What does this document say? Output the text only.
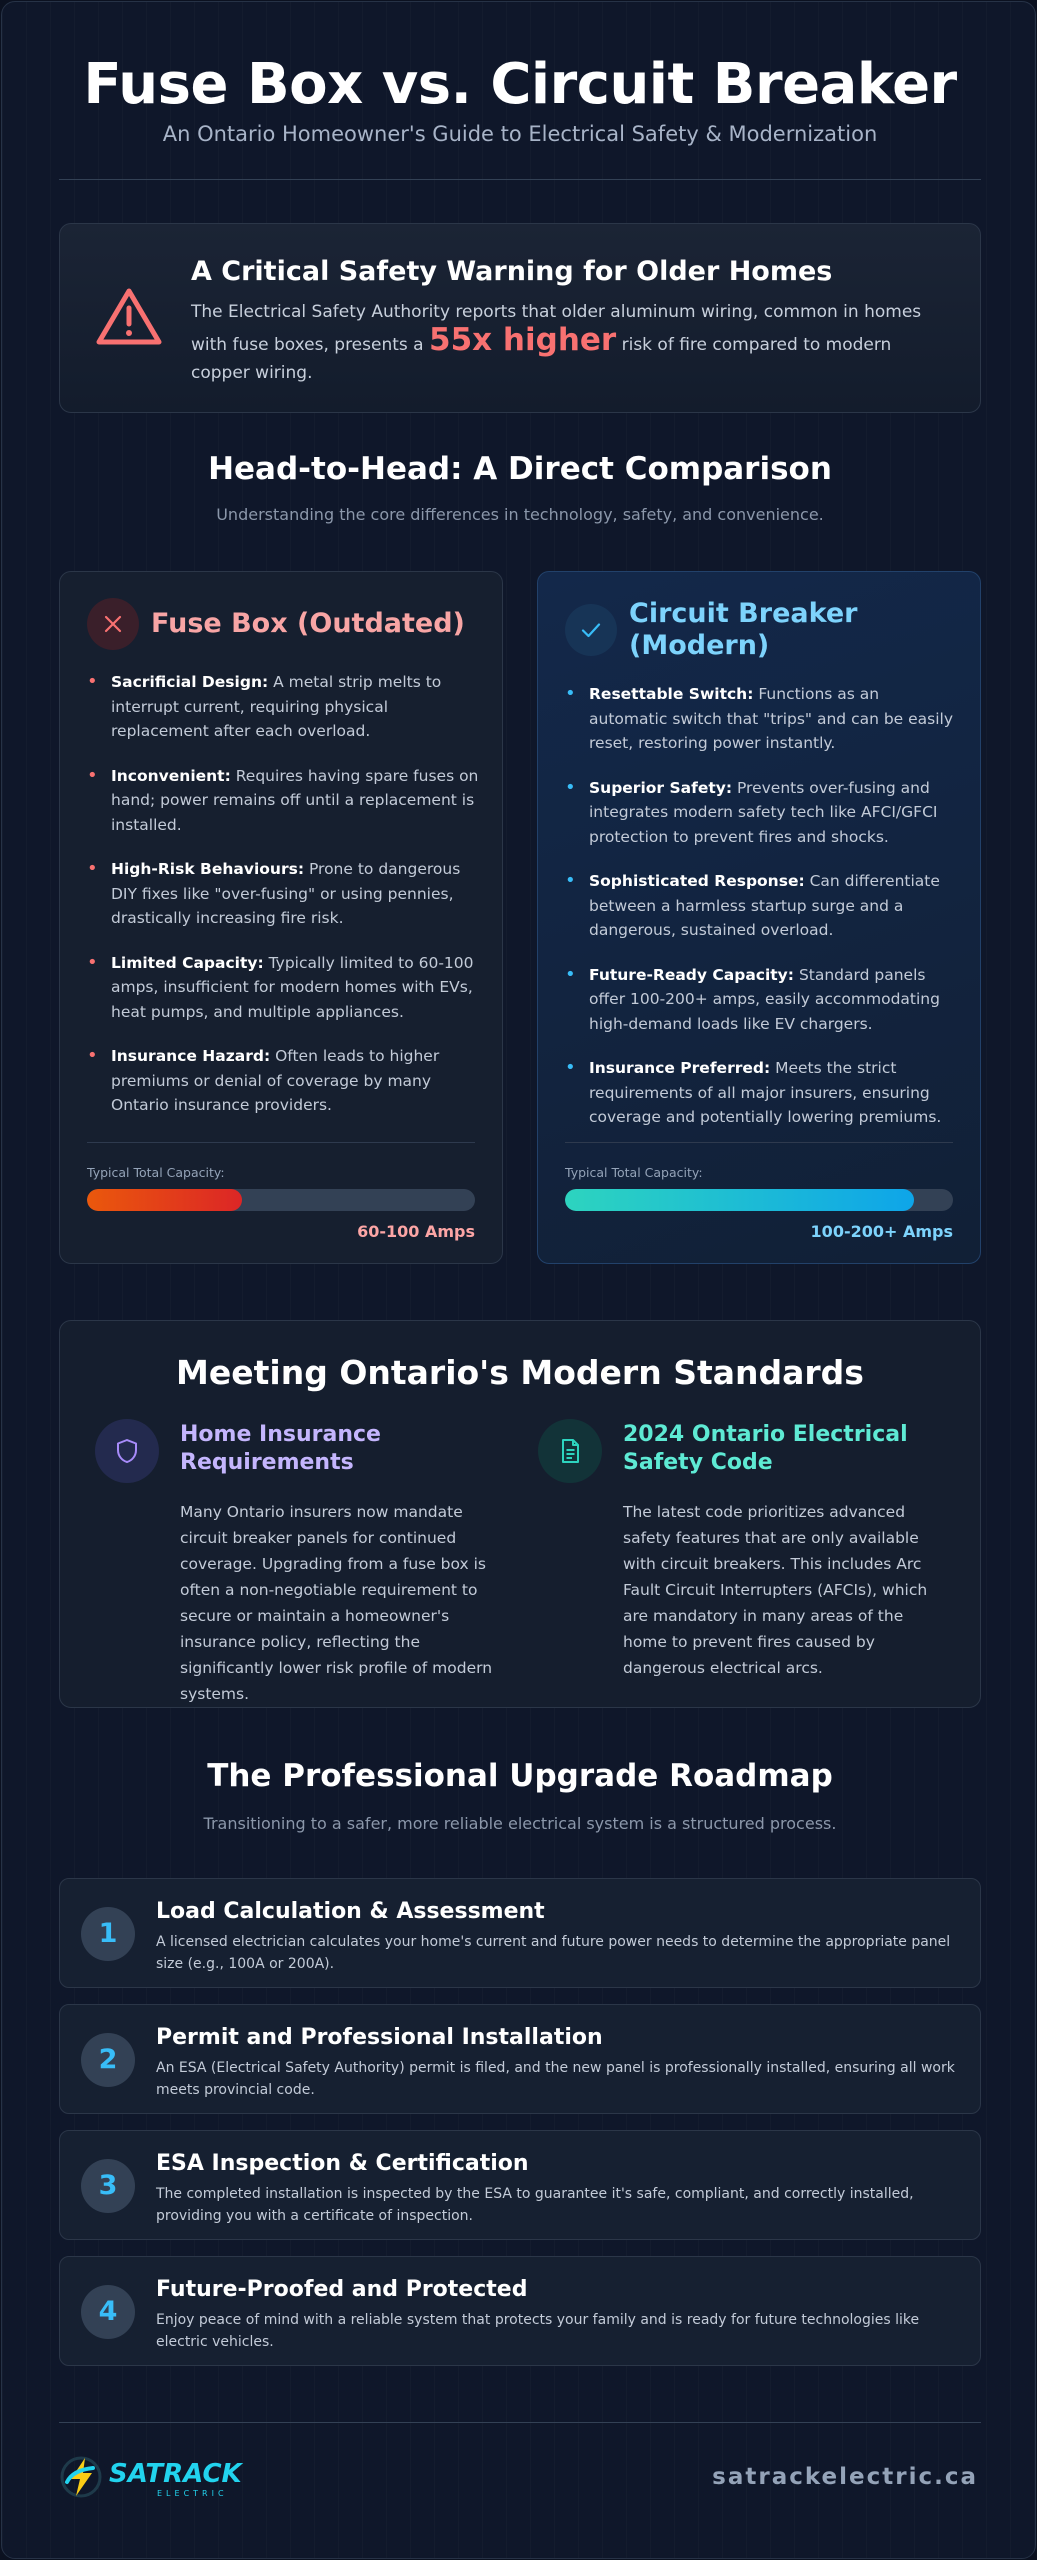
Fuse Box vs. Circuit Breaker
An Ontario Homeowner's Guide to Electrical Safety & Modernization
A Critical Safety Warning for Older Homes
The Electrical Safety Authority reports that older aluminum wiring, common in homes with fuse boxes, presents a 55x higher risk of fire compared to modern copper wiring.
Head-to-Head: A Direct Comparison
Understanding the core differences in technology, safety, and convenience.
Fuse Box (Outdated)
• Sacrificial Design: A metal strip melts to interrupt current, requiring physical replacement after each overload.
• Inconvenient: Requires having spare fuses on hand; power remains off until a replacement is installed.
• High-Risk Behaviours: Prone to dangerous DIY fixes like "over-fusing" or using pennies, drastically increasing fire risk.
• Limited Capacity: Typically limited to 60-100 amps, insufficient for modern homes with EVs, heat pumps, and multiple appliances.
• Insurance Hazard: Often leads to higher premiums or denial of coverage by many Ontario insurance providers.
Typical Total Capacity:
60-100 Amps
Circuit Breaker (Modern)
• Resettable Switch: Functions as an automatic switch that "trips" and can be easily reset, restoring power instantly.
• Superior Safety: Prevents over-fusing and integrates modern safety tech like AFCI/GFCI protection to prevent fires and shocks.
• Sophisticated Response: Can differentiate between a harmless startup surge and a dangerous, sustained overload.
• Future-Ready Capacity: Standard panels offer 100-200+ amps, easily accommodating high-demand loads like EV chargers.
• Insurance Preferred: Meets the strict requirements of all major insurers, ensuring coverage and potentially lowering premiums.
Typical Total Capacity:
100-200+ Amps
Meeting Ontario's Modern Standards
Home Insurance Requirements
Many Ontario insurers now mandate circuit breaker panels for continued coverage. Upgrading from a fuse box is often a non-negotiable requirement to secure or maintain a homeowner's insurance policy, reflecting the significantly lower risk profile of modern systems.
2024 Ontario Electrical Safety Code
The latest code prioritizes advanced safety features that are only available with circuit breakers. This includes Arc Fault Circuit Interrupters (AFCIs), which are mandatory in many areas of the home to prevent fires caused by dangerous electrical arcs.
The Professional Upgrade Roadmap
Transitioning to a safer, more reliable electrical system is a structured process.
1
Load Calculation & Assessment
A licensed electrician calculates your home's current and future power needs to determine the appropriate panel size (e.g., 100A or 200A).
2
Permit and Professional Installation
An ESA (Electrical Safety Authority) permit is filed, and the new panel is professionally installed, ensuring all work meets provincial code.
3
ESA Inspection & Certification
The completed installation is inspected by the ESA to guarantee it's safe, compliant, and correctly installed, providing you with a certificate of inspection.
4
Future-Proofed and Protected
Enjoy peace of mind with a reliable system that protects your family and is ready for future technologies like electric vehicles.
SATRACK
ELECTRIC
satrackelectric.ca
